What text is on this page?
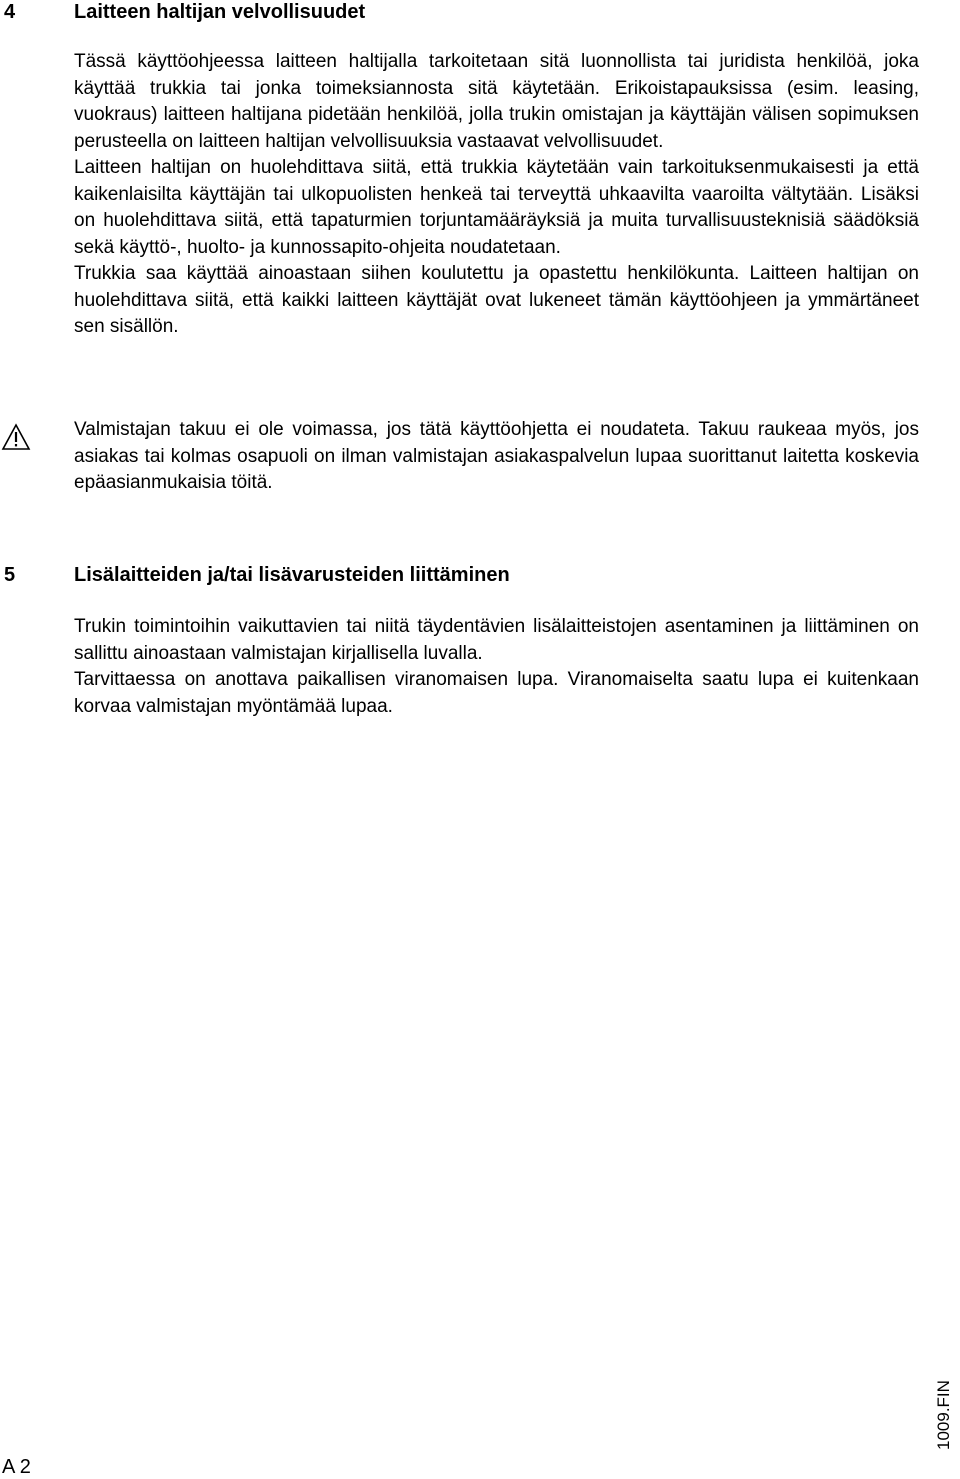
4	Laitteen haltijan velvollisuudet

Tässä käyttöohjeessa laitteen haltijalla tarkoitetaan sitä luonnollista tai juridista henkilöä, joka käyttää trukkia tai jonka toimeksiannosta sitä käytetään. Erikoistapauksissa (esim. leasing, vuokraus) laitteen haltijana pidetään henkilöä, jolla trukin omistajan ja käyttäjän välisen sopimuksen perusteella on laitteen haltijan velvollisuuksia vastaavat velvollisuudet.

Laitteen haltijan on huolehdittava siitä, että trukkia käytetään vain tarkoituksenmukaisesti ja että kaikenlaisilta käyttäjän tai ulkopuolisten henkeä tai terveyttä uhkaavilta vaaroilta vältytään. Lisäksi on huolehdittava siitä, että tapaturmien torjuntamääräyksiä ja muita turvallisuusteknisiä säädöksiä sekä käyttö-, huolto- ja kunnossapito-ohjeita noudatetaan.

Trukkia saa käyttää ainoastaan siihen koulutettu ja opastettu henkilökunta. Laitteen haltijan on huolehdittava siitä, että kaikki laitteen käyttäjät ovat lukeneet tämän käyttöohjeen ja ymmärtäneet sen sisällön.

Valmistajan takuu ei ole voimassa, jos tätä käyttöohjetta ei noudateta. Takuu raukeaa myös, jos asiakas tai kolmas osapuoli on ilman valmistajan asiakaspalvelun lupaa suorittanut laitetta koskevia epäasianmukaisia töitä.

5	Lisälaitteiden ja/tai lisävarusteiden liittäminen

Trukin toimintoihin vaikuttavien tai niitä täydentävien lisälaitteistojen asentaminen ja liittäminen on sallittu ainoastaan valmistajan kirjallisella luvalla.

Tarvittaessa on anottava paikallisen viranomaisen lupa. Viranomaiselta saatu lupa ei kuitenkaan korvaa valmistajan myöntämää lupaa.

1009.FIN
A 2
